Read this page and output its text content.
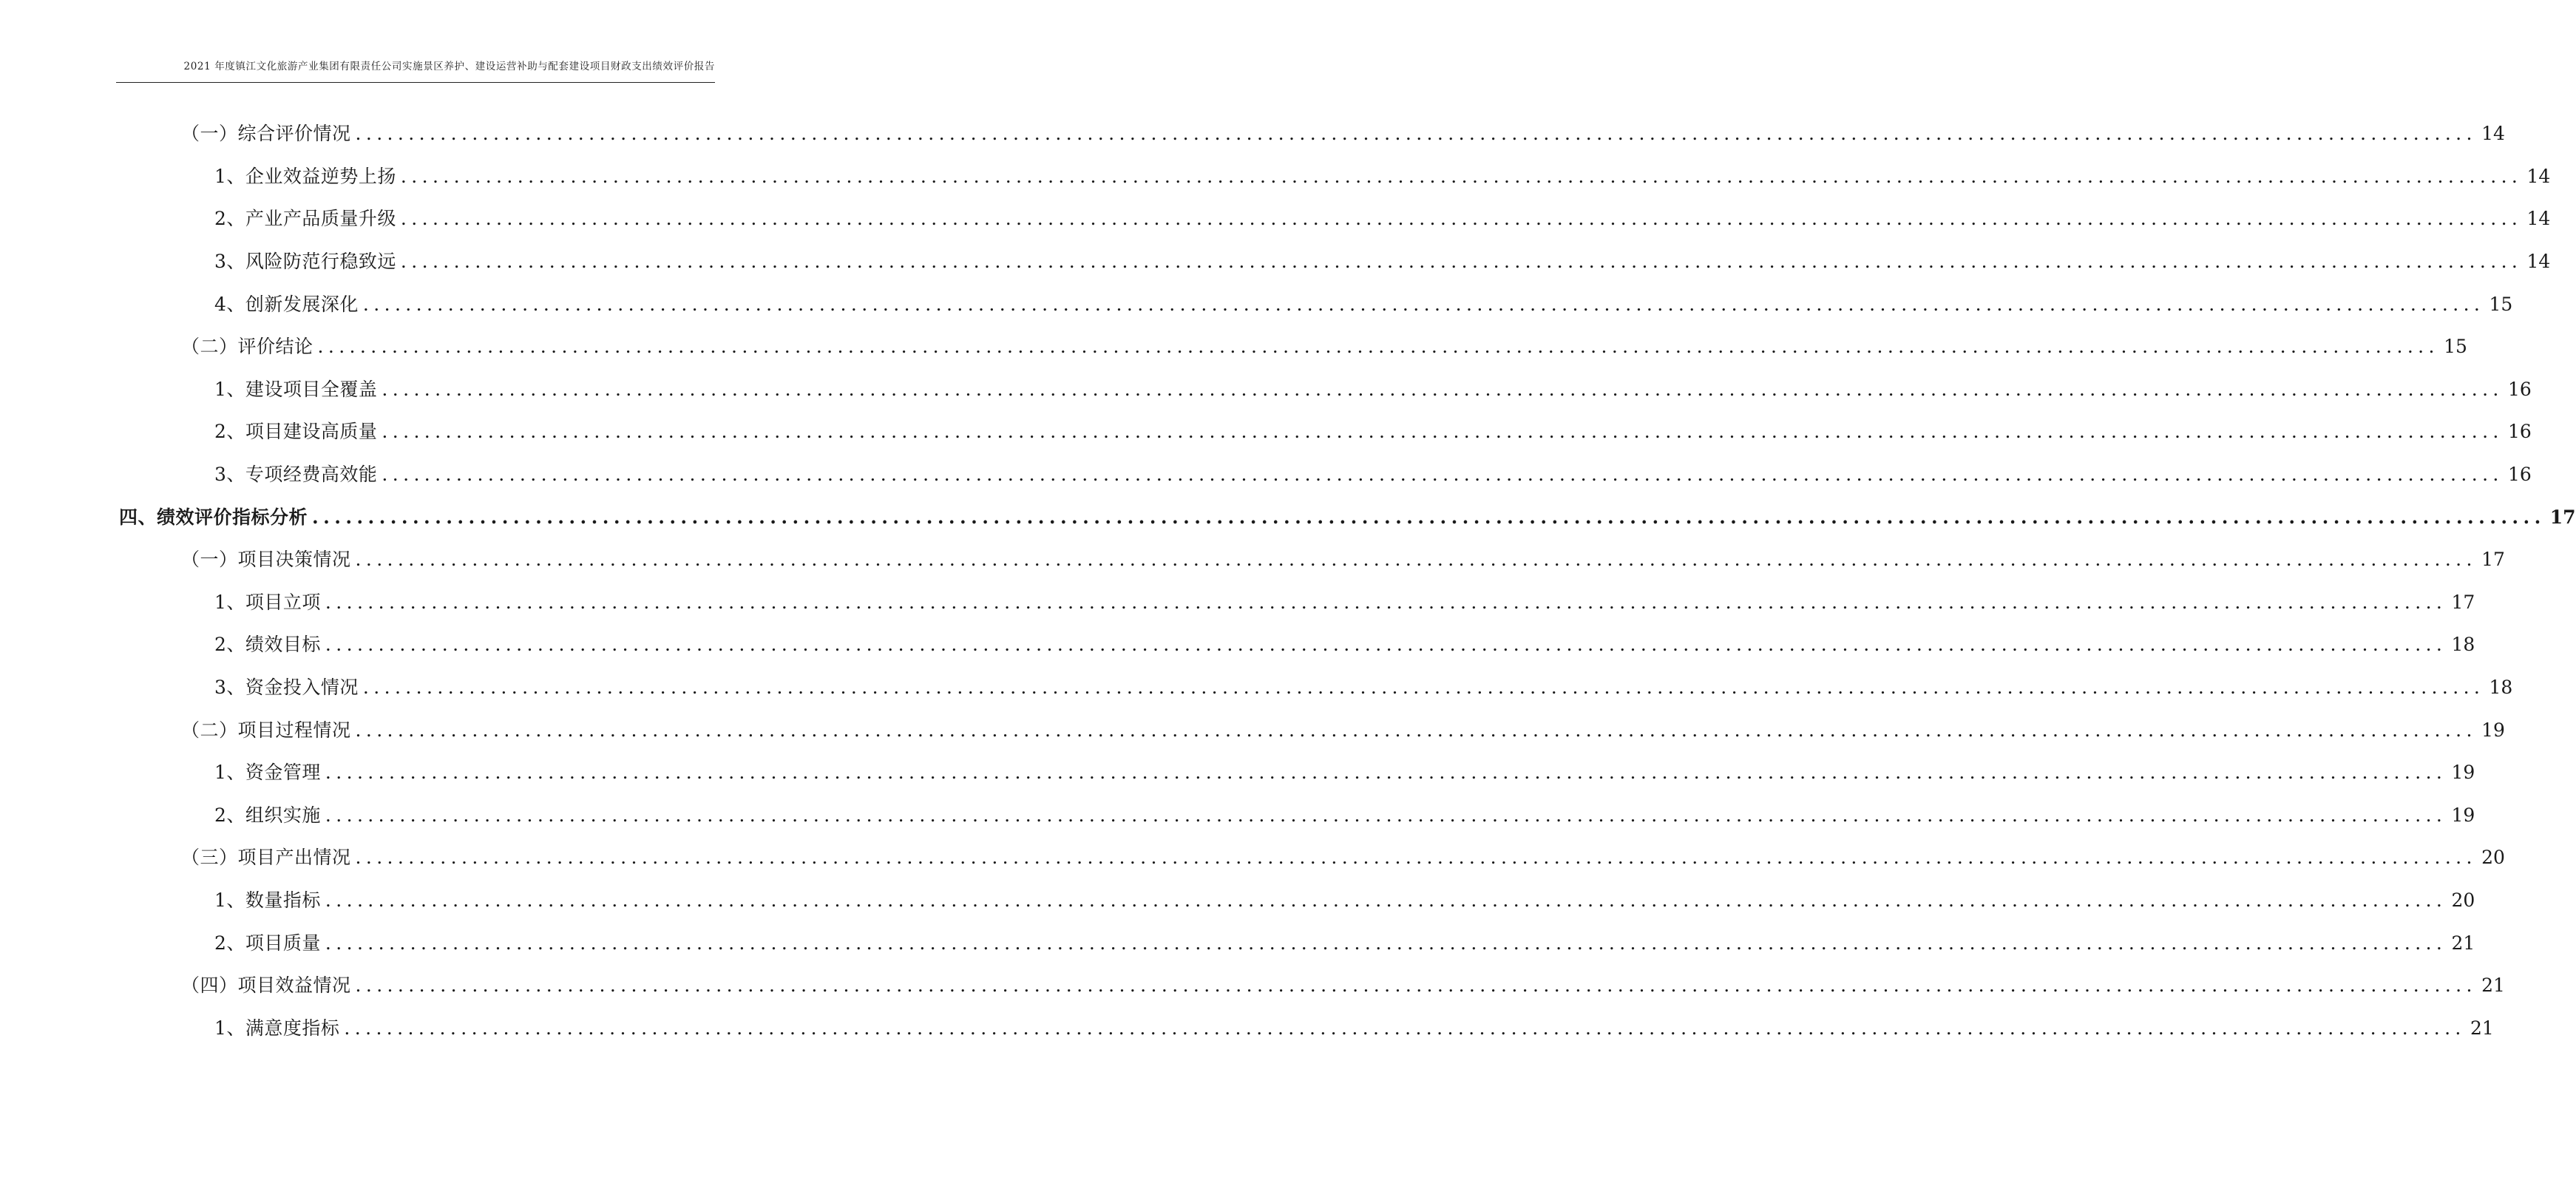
2021 年度镇江文化旅游产业集团有限责任公司实施景区养护、建设运营补助与配套建设项目财政支出绩效评价报告
（一）综合评价情况 ........................................................................................................................................................................................................ 14
1、企业效益逆势上扬 ........................................................................................................................................................................................................ 14
2、产业产品质量升级 ........................................................................................................................................................................................................ 14
3、风险防范行稳致远 ........................................................................................................................................................................................................ 14
4、创新发展深化 ........................................................................................................................................................................................................ 15
（二）评价结论 ........................................................................................................................................................................................................ 15
1、建设项目全覆盖 ........................................................................................................................................................................................................ 16
2、项目建设高质量 ........................................................................................................................................................................................................ 16
3、专项经费高效能 ........................................................................................................................................................................................................ 16
四、绩效评价指标分析 ........................................................................................................................................................................................................ 17
（一）项目决策情况 ........................................................................................................................................................................................................ 17
1、项目立项 ........................................................................................................................................................................................................ 17
2、绩效目标 ........................................................................................................................................................................................................ 18
3、资金投入情况 ........................................................................................................................................................................................................ 18
（二）项目过程情况 ........................................................................................................................................................................................................ 19
1、资金管理 ........................................................................................................................................................................................................ 19
2、组织实施 ........................................................................................................................................................................................................ 19
（三）项目产出情况 ........................................................................................................................................................................................................ 20
1、数量指标 ........................................................................................................................................................................................................ 20
2、项目质量 ........................................................................................................................................................................................................ 21
（四）项目效益情况 ........................................................................................................................................................................................................ 21
1、满意度指标 ........................................................................................................................................................................................................ 21
